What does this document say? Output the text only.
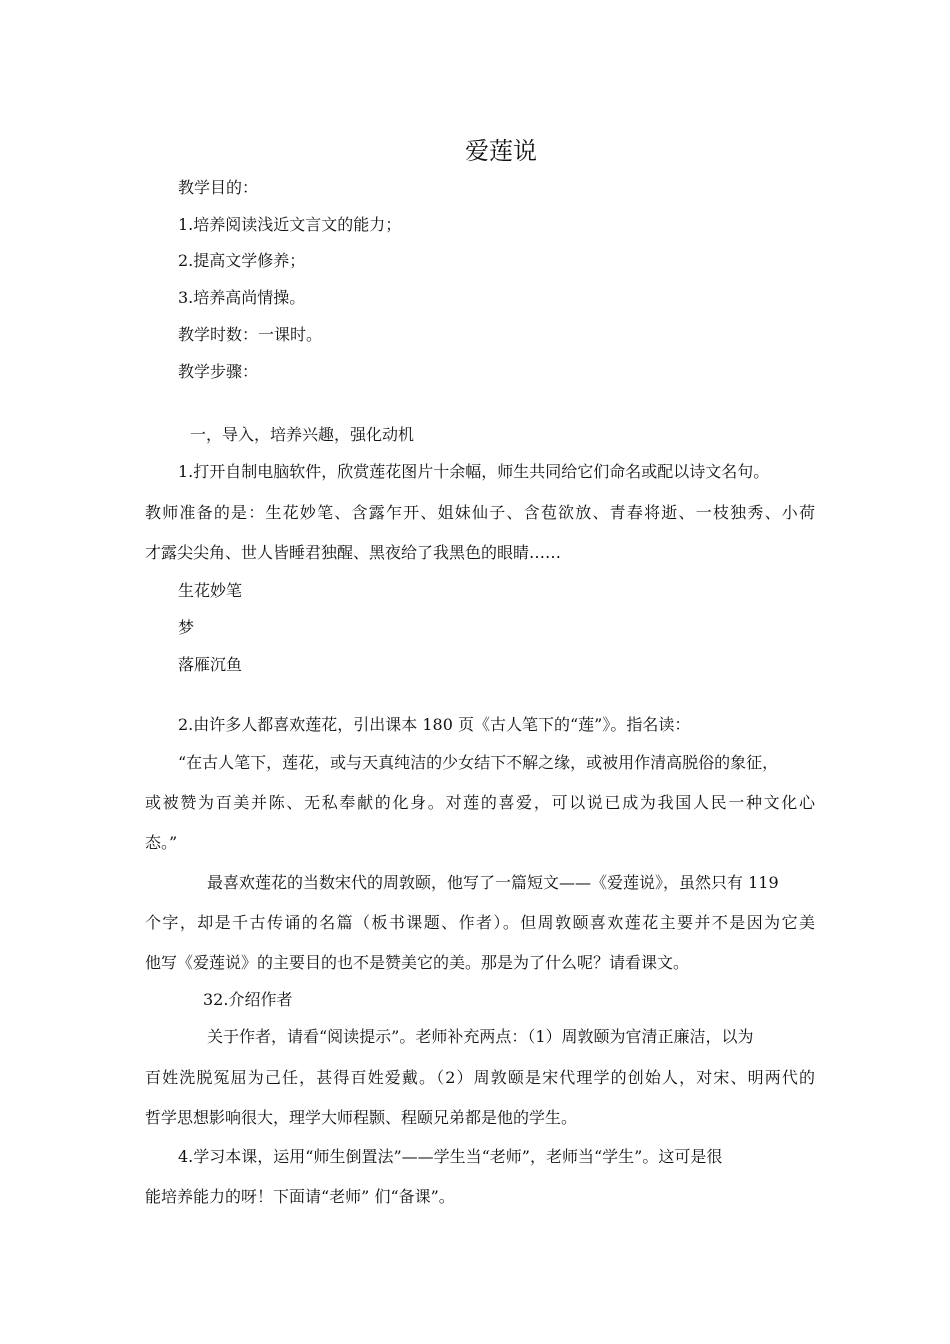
爱莲说
教学目的：
1.培养阅读浅近文言文的能力；
2.提高文学修养；
3.培养高尚情操。
教学时数：一课时。
教学步骤：
一，导入，培养兴趣，强化动机
1.打开自制电脑软件，欣赏莲花图片十余幅，师生共同给它们命名或配以诗文名句。
教师准备的是：生花妙笔、含露乍开、姐妹仙子、含苞欲放、青春将逝、一枝独秀、小荷
才露尖尖角、世人皆睡君独醒、黑夜给了我黑色的眼睛……
生花妙笔
梦
落雁沉鱼
2.由许多人都喜欢莲花，引出课本 180 页《古人笔下的“莲”》。指名读：
“在古人笔下，莲花，或与天真纯洁的少女结下不解之缘，或被用作清高脱俗的象征，
或被赞为百美并陈、无私奉献的化身。对莲的喜爱，可以说已成为我国人民一种文化心
态。”
最喜欢莲花的当数宋代的周敦颐，他写了一篇短文——《爱莲说》，虽然只有 119
个字，却是千古传诵的名篇（板书课题、作者）。但周敦颐喜欢莲花主要并不是因为它美
他写《爱莲说》的主要目的也不是赞美它的美。那是为了什么呢？请看课文。
32.介绍作者
关于作者，请看“阅读提示”。老师补充两点：（1）周敦颐为官清正廉洁，以为
百姓洗脱冤屈为己任，甚得百姓爱戴。（2）周敦颐是宋代理学的创始人，对宋、明两代的
哲学思想影响很大，理学大师程颢、程颐兄弟都是他的学生。
4.学习本课，运用“师生倒置法”——学生当“老师”，老师当“学生”。这可是很
能培养能力的呀！下面请“老师” 们“备课”。
